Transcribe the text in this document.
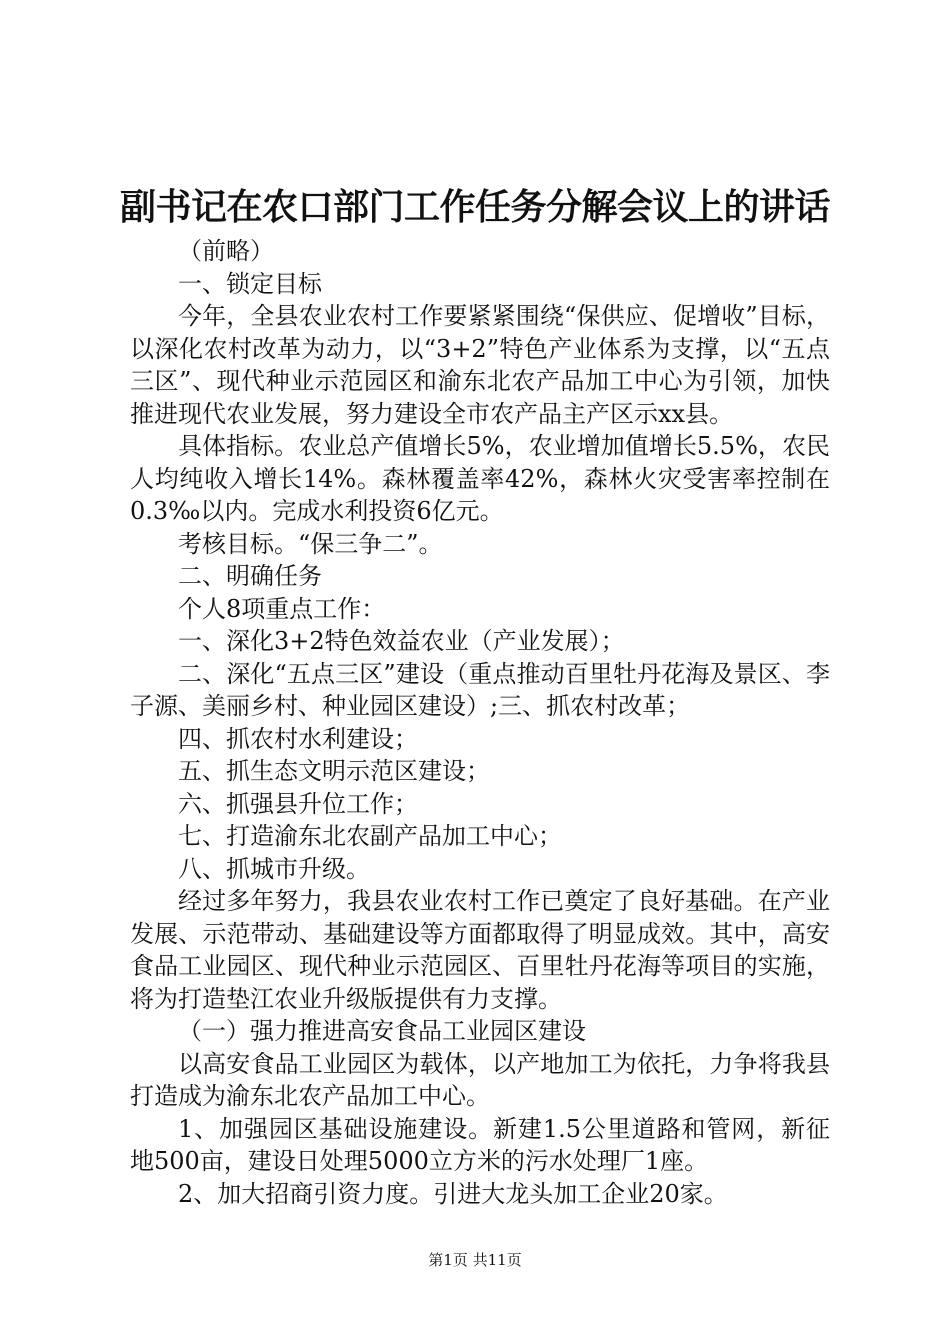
副书记在农口部门工作任务分解会议上的讲话

（前略）

一、锁定目标

今年，全县农业农村工作要紧紧围绕“保供应、促增收”目标，以深化农村改革为动力，以“3+2”特色产业体系为支撑，以“五点三区”、现代种业示范园区和渝东北农产品加工中心为引领，加快推进现代农业发展，努力建设全市农产品主产区示xx县。

具体指标。农业总产值增长5%，农业增加值增长5.5%，农民人均纯收入增长14%。森林覆盖率42%，森林火灾受害率控制在0.3‰以内。完成水利投资6亿元。

考核目标。“保三争二”。

二、明确任务

个人8项重点工作：

一、深化3+2特色效益农业（产业发展）；

二、深化“五点三区”建设（重点推动百里牡丹花海及景区、李子源、美丽乡村、种业园区建设）;三、抓农村改革；

四、抓农村水利建设；

五、抓生态文明示范区建设；

六、抓强县升位工作；

七、打造渝东北农副产品加工中心；

八、抓城市升级。

经过多年努力，我县农业农村工作已奠定了良好基础。在产业发展、示范带动、基础建设等方面都取得了明显成效。其中，高安食品工业园区、现代种业示范园区、百里牡丹花海等项目的实施，将为打造垫江农业升级版提供有力支撑。

（一）强力推进高安食品工业园区建设

以高安食品工业园区为载体，以产地加工为依托，力争将我县打造成为渝东北农产品加工中心。

1、加强园区基础设施建设。新建1.5公里道路和管网，新征地500亩，建设日处理5000立方米的污水处理厂1座。

2、加大招商引资力度。引进大龙头加工企业20家。

第1页 共11页
